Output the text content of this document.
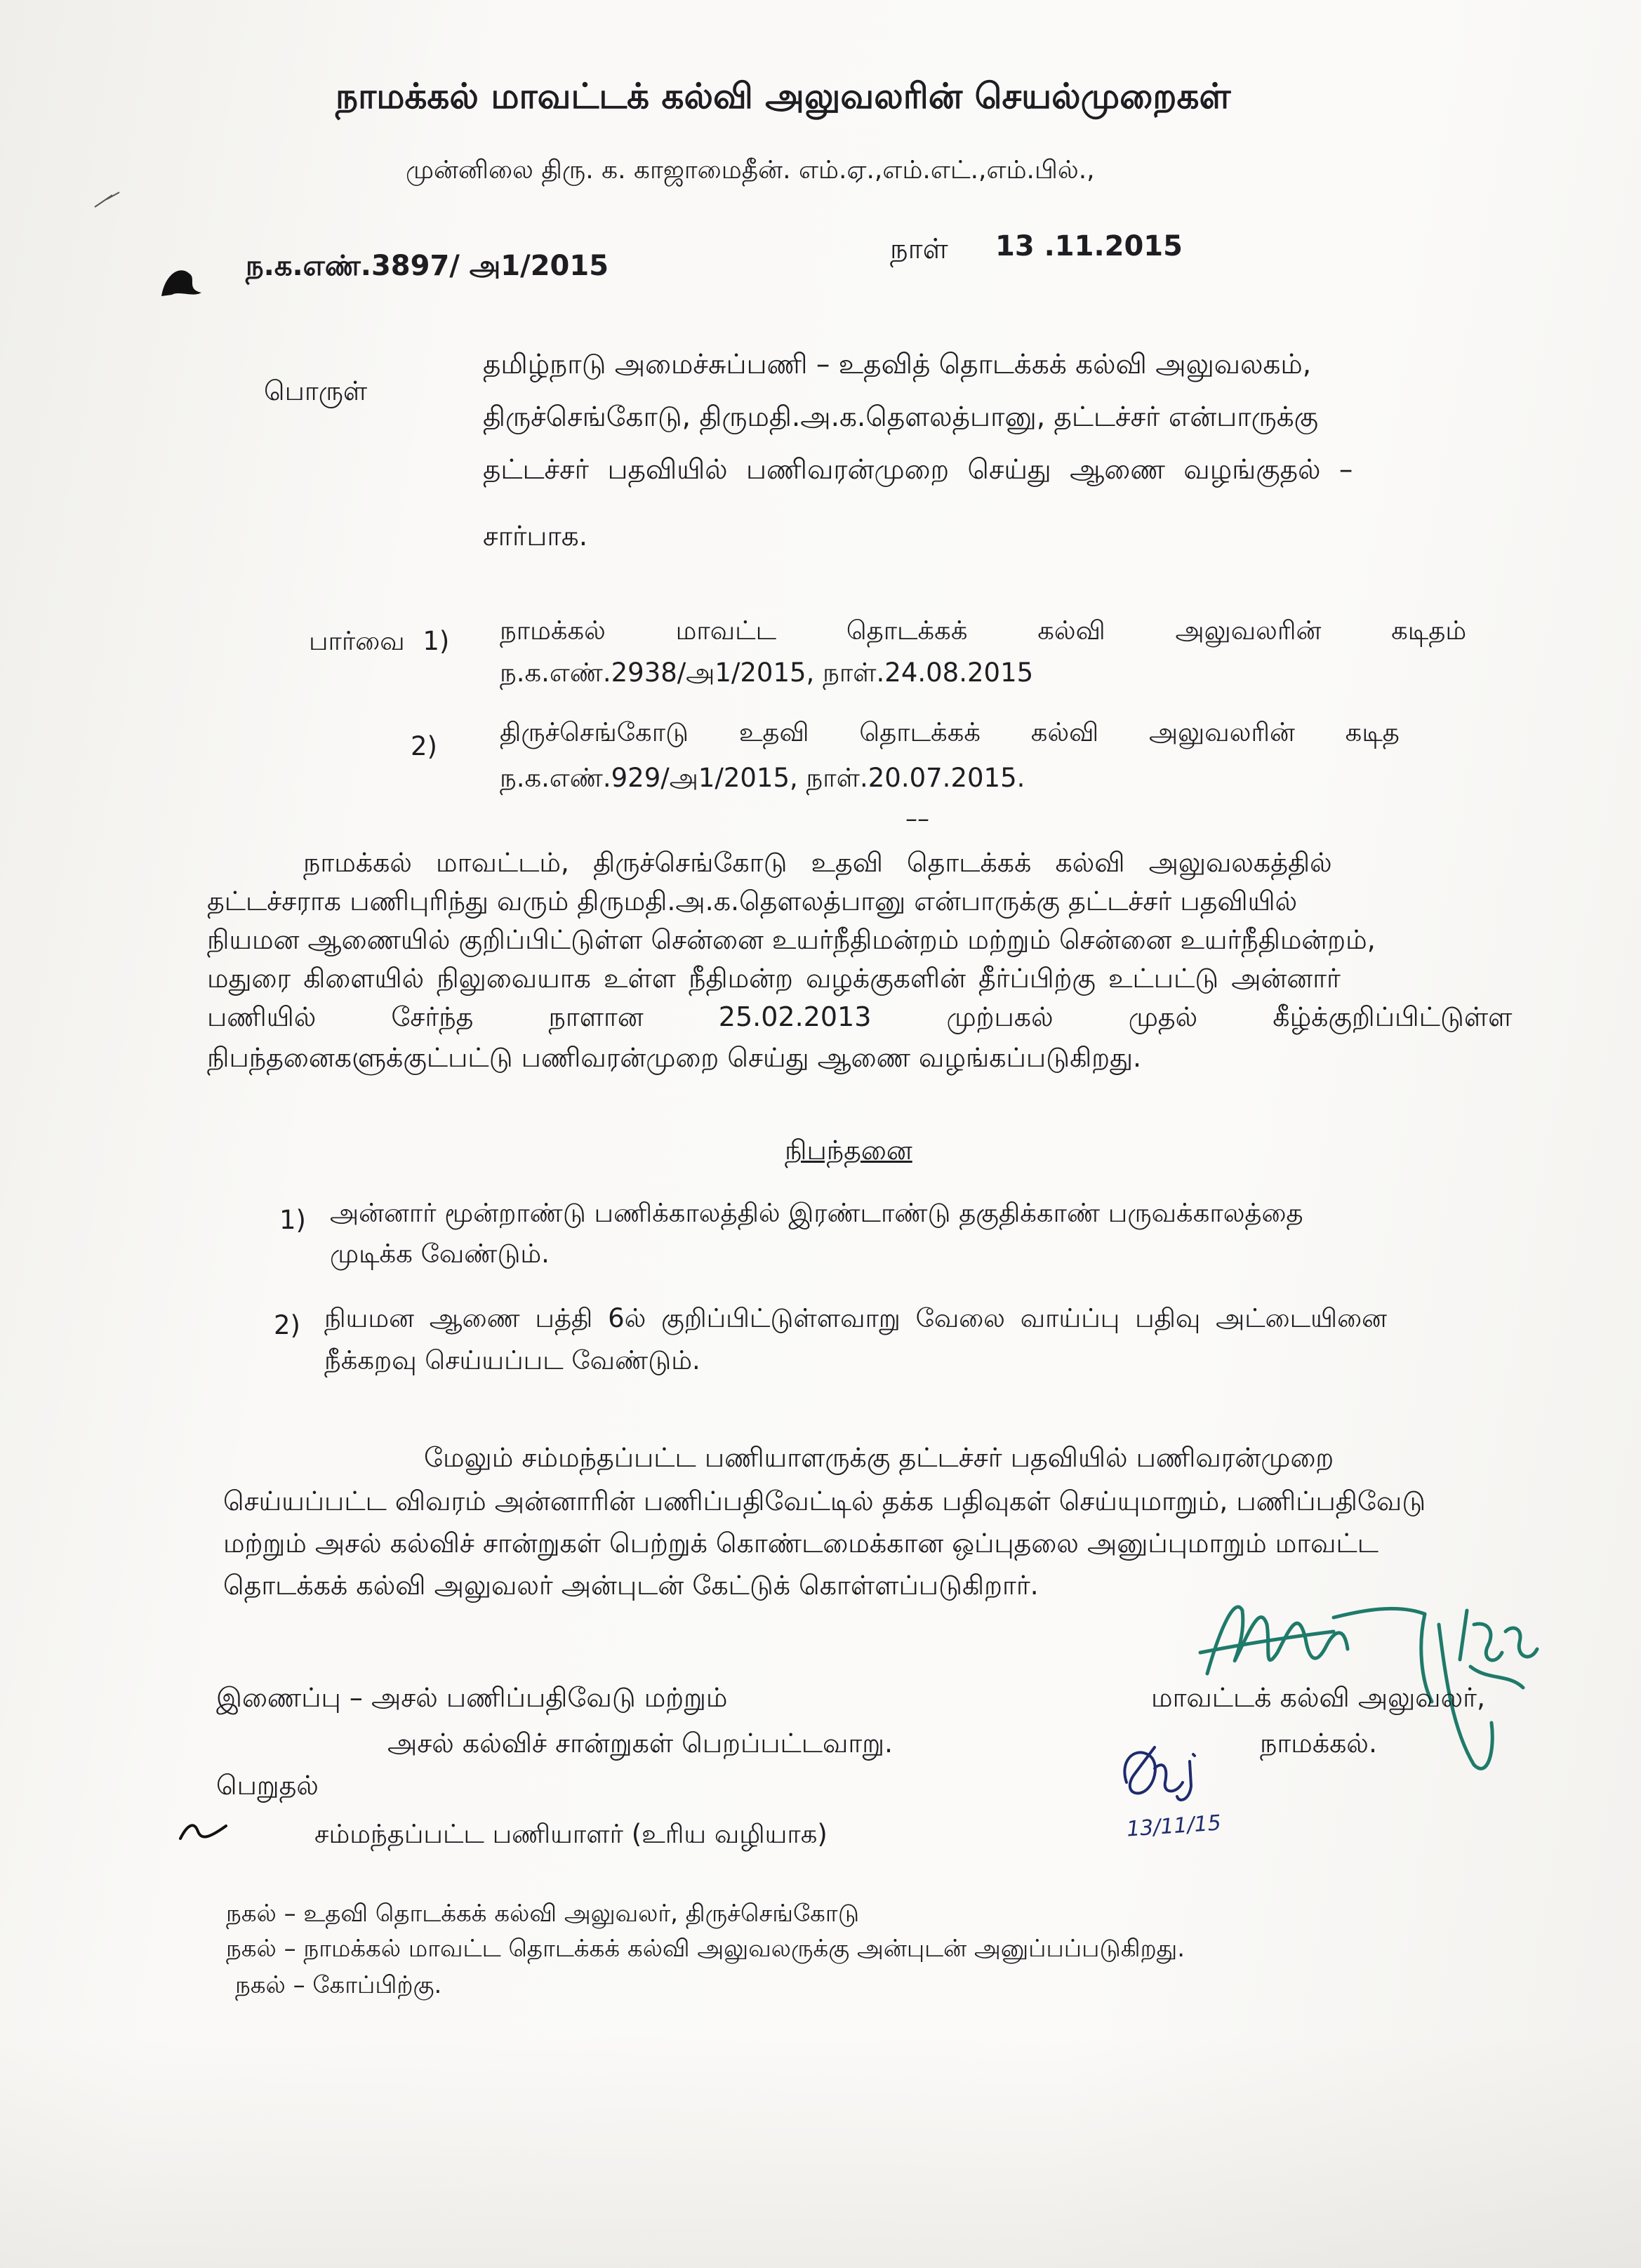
நாமக்கல் மாவட்டக் கல்வி அலுவலரின் செயல்முறைகள்
முன்னிலை திரு. க. காஜாமைதீன். எம்.ஏ.,எம்.எட்.,எம்.பில்.,
ந.க.எண்.3897/ அ1/2015
நாள் 13 .11.2015
பொருள்
தமிழ்நாடு அமைச்சுப்பணி – உதவித் தொடக்கக் கல்வி அலுவலகம்,
திருச்செங்கோடு, திருமதி.அ.க.தௌலத்பானு, தட்டச்சர் என்பாருக்கு
தட்டச்சர் பதவியில் பணிவரன்முறை செய்து ஆணை வழங்குதல் –
சார்பாக.
பார்வை 1) நாமக்கல் மாவட்ட தொடக்கக் கல்வி அலுவலரின் கடிதம்
ந.க.எண்.2938/அ1/2015, நாள்.24.08.2015
2) திருச்செங்கோடு உதவி தொடக்கக் கல்வி அலுவலரின் கடித
ந.க.எண்.929/அ1/2015, நாள்.20.07.2015.
––
நாமக்கல் மாவட்டம், திருச்செங்கோடு உதவி தொடக்கக் கல்வி அலுவலகத்தில்
தட்டச்சராக பணிபுரிந்து வரும் திருமதி.அ.க.தௌலத்பானு என்பாருக்கு தட்டச்சர் பதவியில்
நியமன ஆணையில் குறிப்பிட்டுள்ள சென்னை உயர்நீதிமன்றம் மற்றும் சென்னை உயர்நீதிமன்றம்,
மதுரை கிளையில் நிலுவையாக உள்ள நீதிமன்ற வழக்குகளின் தீர்ப்பிற்கு உட்பட்டு அன்னார்
பணியில் சேர்ந்த நாளான 25.02.2013 முற்பகல் முதல் கீழ்க்குறிப்பிட்டுள்ள
நிபந்தனைகளுக்குட்பட்டு பணிவரன்முறை செய்து ஆணை வழங்கப்படுகிறது.
நிபந்தனை
1) அன்னார் மூன்றாண்டு பணிக்காலத்தில் இரண்டாண்டு தகுதிக்காண் பருவக்காலத்தை
முடிக்க வேண்டும்.
2) நியமன ஆணை பத்தி 6ல் குறிப்பிட்டுள்ளவாறு வேலை வாய்ப்பு பதிவு அட்டையினை
நீக்கறவு செய்யப்பட வேண்டும்.
மேலும் சம்மந்தப்பட்ட பணியாளருக்கு தட்டச்சர் பதவியில் பணிவரன்முறை
செய்யப்பட்ட விவரம் அன்னாரின் பணிப்பதிவேட்டில் தக்க பதிவுகள் செய்யுமாறும், பணிப்பதிவேடு
மற்றும் அசல் கல்விச் சான்றுகள் பெற்றுக் கொண்டமைக்கான ஒப்புதலை அனுப்புமாறும் மாவட்ட
தொடக்கக் கல்வி அலுவலர் அன்புடன் கேட்டுக் கொள்ளப்படுகிறார்.
இணைப்பு – அசல் பணிப்பதிவேடு மற்றும்
அசல் கல்விச் சான்றுகள் பெறப்பட்டவாறு.
மாவட்டக் கல்வி அலுவலர்,
நாமக்கல்.
13/11/15
பெறுதல்
சம்மந்தப்பட்ட பணியாளர் (உரிய வழியாக)
நகல் – உதவி தொடக்கக் கல்வி அலுவலர், திருச்செங்கோடு
நகல் – நாமக்கல் மாவட்ட தொடக்கக் கல்வி அலுவலருக்கு அன்புடன் அனுப்பப்படுகிறது.
நகல் – கோப்பிற்கு.
